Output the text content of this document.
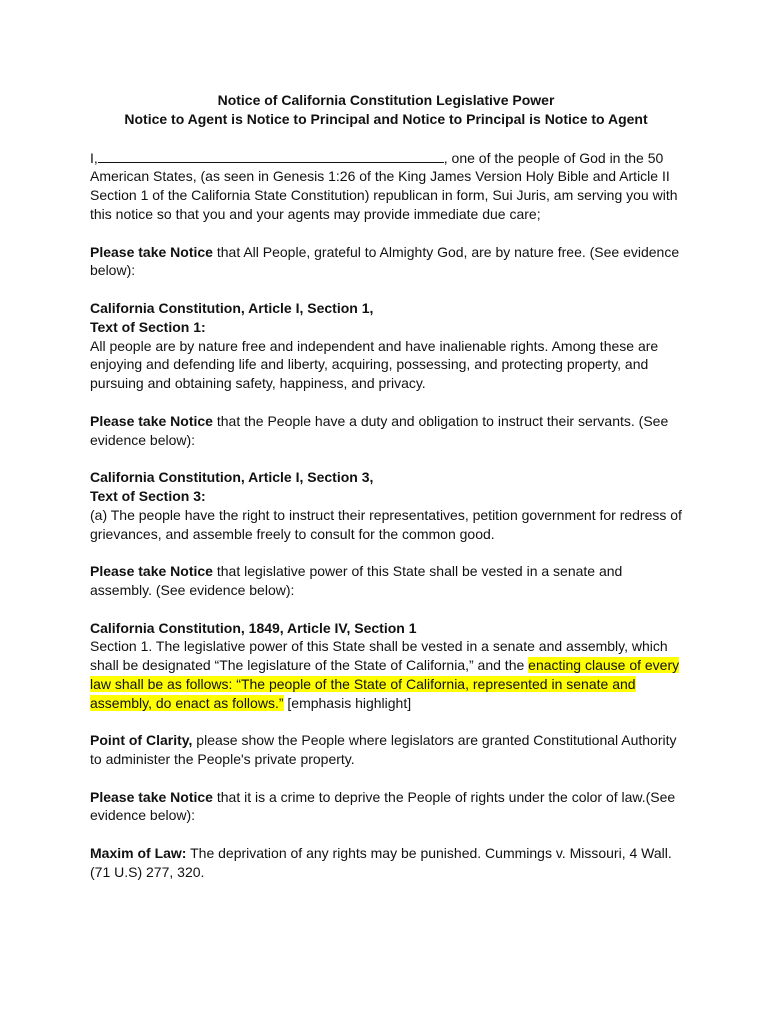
Notice of California Constitution Legislative Power
Notice to Agent is Notice to Principal and Notice to Principal is Notice to Agent

I,	, one of the people of God in the 50 American States, (as seen in Genesis 1:26 of the King James Version Holy Bible and Article II Section 1 of the California State Constitution) republican in form, Sui Juris, am serving you with this notice so that you and your agents may provide immediate due care;

Please take Notice that All People, grateful to Almighty God, are by nature free. (See evidence below):

California Constitution, Article I, Section 1,
Text of Section 1:

All people are by nature free and independent and have inalienable rights. Among these are enjoying and defending life and liberty, acquiring, possessing, and protecting property, and pursuing and obtaining safety, happiness, and privacy.

Please take Notice that the People have a duty and obligation to instruct their servants. (See evidence below):

California Constitution, Article I, Section 3,
Text of Section 3:

(a) The people have the right to instruct their representatives, petition government for redress of grievances, and assemble freely to consult for the common good.

Please take Notice that legislative power of this State shall be vested in a senate and assembly. (See evidence below):

California Constitution, 1849, Article IV, Section 1

Section 1. The legislative power of this State shall be vested in a senate and assembly, which shall be designated “The legislature of the State of California,” and the enacting clause of every law shall be as follows: “The people of the State of California, represented in senate and assembly, do enact as follows.” [emphasis highlight]

Point of Clarity, please show the People where legislators are granted Constitutional Authority to administer the People's private property.

Please take Notice that it is a crime to deprive the People of rights under the color of law.(See evidence below):

Maxim of Law: The deprivation of any rights may be punished. Cummings v. Missouri, 4 Wall. (71 U.S) 277, 320.
